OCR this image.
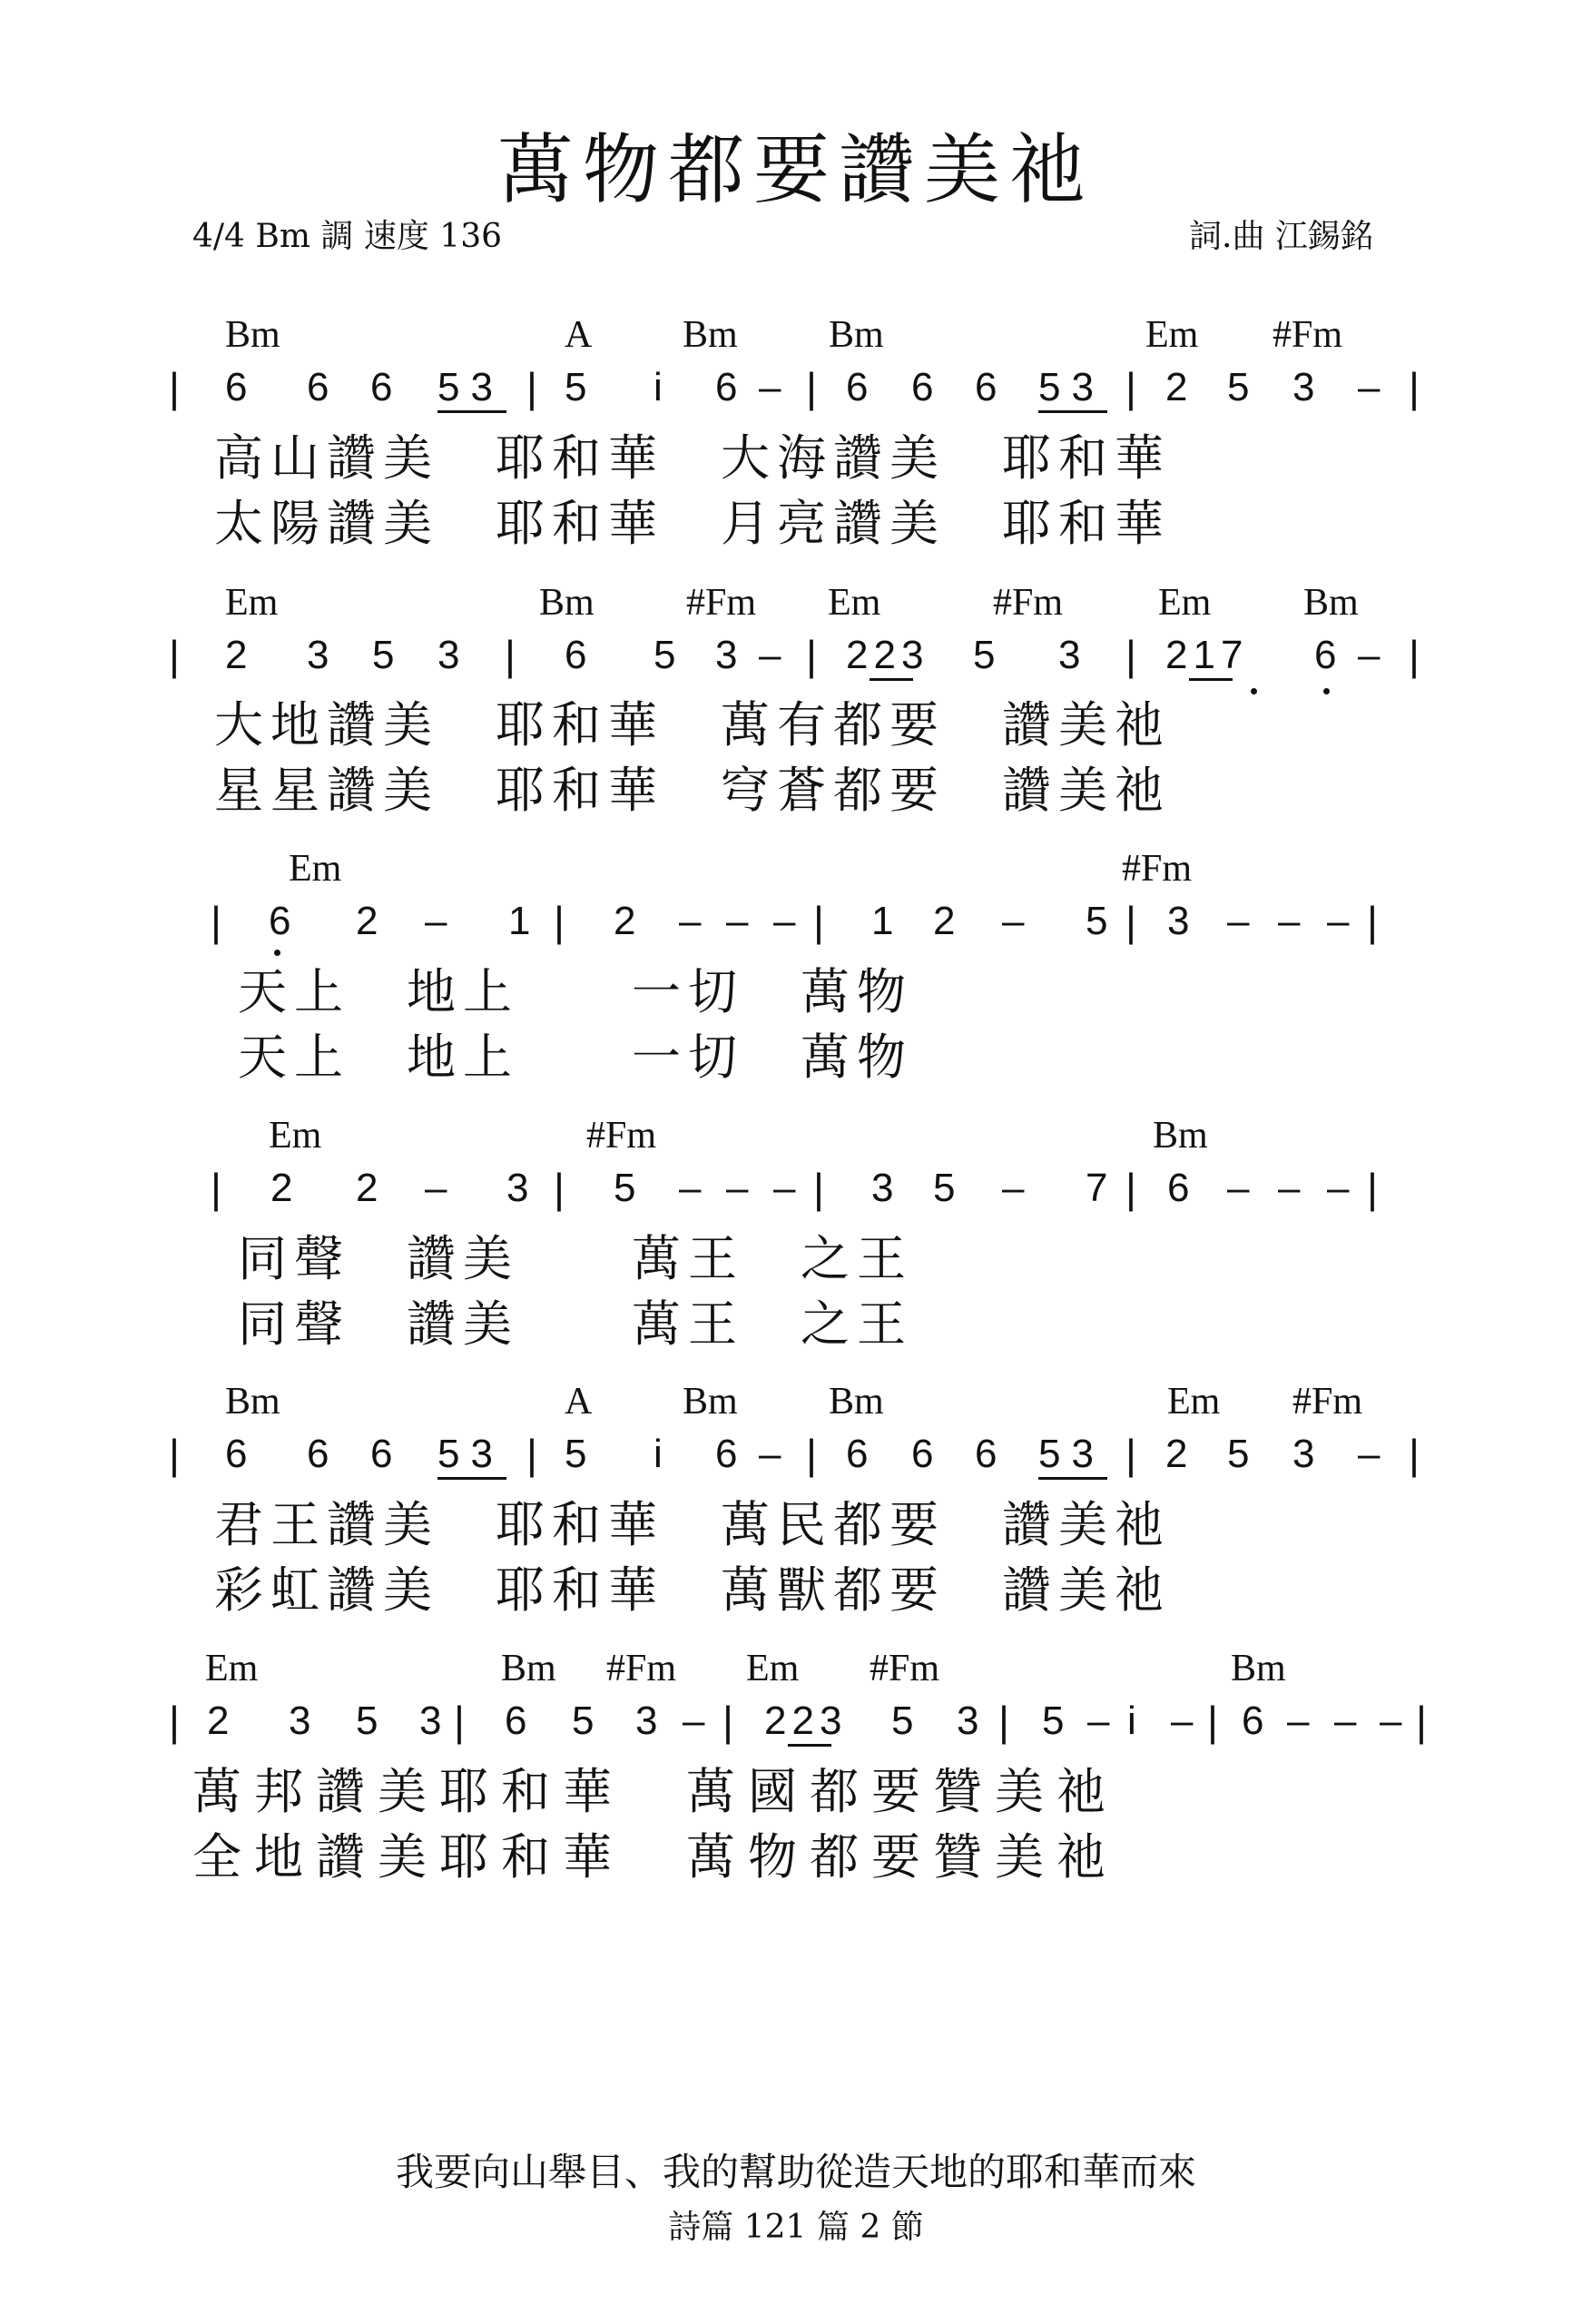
萬物都要讚美祂
4/4 Bm 調 速度 136	詞.曲 江錫銘
Bm	A Bm Bm	Em #Fm
| 6 6 6 53 | 5 i 6 – | 6 6 6 53 | 2 5 3 – |
高山讚美　耶和華　大海讚美　耶和華
太陽讚美　耶和華　月亮讚美　耶和華
Em	Bm #Fm Em	#Fm Em Bm
| 2 3 5 3 | 6 5 3 – | 223 5 3 | 217 6 – |
大地讚美　耶和華　萬有都要　讚美祂
星星讚美　耶和華　穹蒼都要　讚美祂
Em	#Fm
| 6 2 – 1 | 2 – – – | 1 2 – 5 | 3 – – – |
天上　地上　　一切　萬物
天上　地上　　一切　萬物
Em	#Fm	Bm
| 2 2 – 3 | 5 – – – | 3 5 – 7 | 6 – – – |
同聲　讚美　　萬王　之王
同聲　讚美　　萬王　之王
Bm	A Bm Bm	Em #Fm
| 6 6 6 53 | 5 i 6 – | 6 6 6 53 | 2 5 3 – |
君王讚美　耶和華　萬民都要　讚美祂
彩虹讚美　耶和華　萬獸都要　讚美祂
Em	Bm #Fm Em #Fm	Bm
| 2 3 5 3 | 6 5 3 – | 223 5 3 | 5 – i – | 6 – – – |
萬邦讚美耶和華　萬國都要贊美祂
全地讚美耶和華　萬物都要贊美祂
我要向山舉目、我的幫助從造天地的耶和華而來
詩篇 121 篇 2 節
